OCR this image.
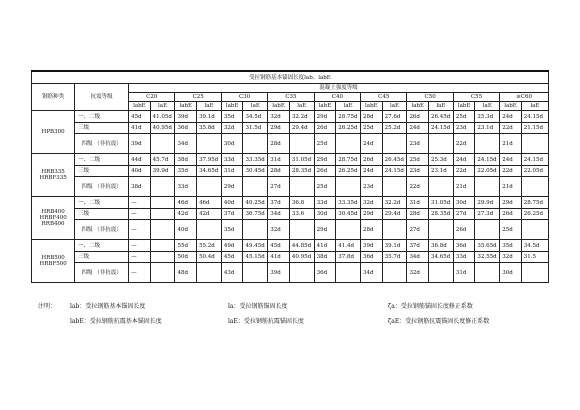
受拉钢筋基本锚固长度lab、labE																			
钢筋种类	抗震等级	混凝土强度等级																	
		C20		C25		C30		C35		C40		C45		C50		C55		≥C60	
		labE	laE	labE	laE	labE	laE	labE	laE	labE	laE	labE	laE	labE	laE	labE	laE	labE	laE
HPB300	一、二级	45d	41.05d	39d	39.1d	35d	34.5d	32d	32.2d	29d	28.75d	28d	27.6d	26d	26.45d	25d	25.3d	24d	24.15d
	三级	41d	40.95d	36d	35.8d	32d	31.5d	29d	29.4d	26d	26.25d	25d	25.2d	24d	24.15d	23d	23.1d	22d	21.15d
	四级 （非抗震）	39d		34d		30d		28d		25d		24d		23d		22d		21d	
HRB335 HRBF335	一、二级	44d	45.7d	38d	37.95d	33d	33.35d	31d	31.05d	29d	28.75d	26d	26.45d	25d	25.3d	24d	24.15d	24d	24.15d
	三级	40d	39.9d	35d	34.65d	31d	30.45d	28d	28.35d	26d	26.25d	24d	24.15d	23d	23.1d	22d	22.05d	22d	22.05d
	四级 （非抗震）	38d		33d		29d		27d		25d		23d		22d		21d		21d	
HRB400 HRBF400 RRB400	一、二级	—		46d	46d	40d	40.25d	37d	36.8	33d	33.35d	32d	32.2d	31d	31.05d	30d	29.9d	29d	28.75d
	三级	—		42d	42d	37d	36.75d	34d	33.6	30d	30.45d	29d	29.4d	28d	28.35d	27d	27.3d	26d	26.25d
	四级 （非抗震）	—		40d		35d		32d		29d		28d		27d		26d		25d	
HRB500 HRBF500	一、二级	—		55d	55.2d	49d	49.45d	45d	44.85d	41d	41.4d	39d	39.1d	37d	36.8d	36d	35.65d	35d	34.5d
	三级	—		50d	50.4d	45d	45.15d	41d	40.95d	38d	37.8d	36d	35.7d	34d	34.65d	33d	32.55d	32d	31.5
	四级 （非抗震）	—		48d		43d		39d		36d		34d		32d		31d		30d	
注明： lab：受拉钢筋基本锚固长度	la：受拉钢筋锚固长度	ζa：受拉钢筋锚固长度修正系数
labE：受拉钢筋抗震基本锚固长度	laE：受拉钢筋抗震锚固长度	ζaE：受拉钢筋抗震锚固长度修正系数
